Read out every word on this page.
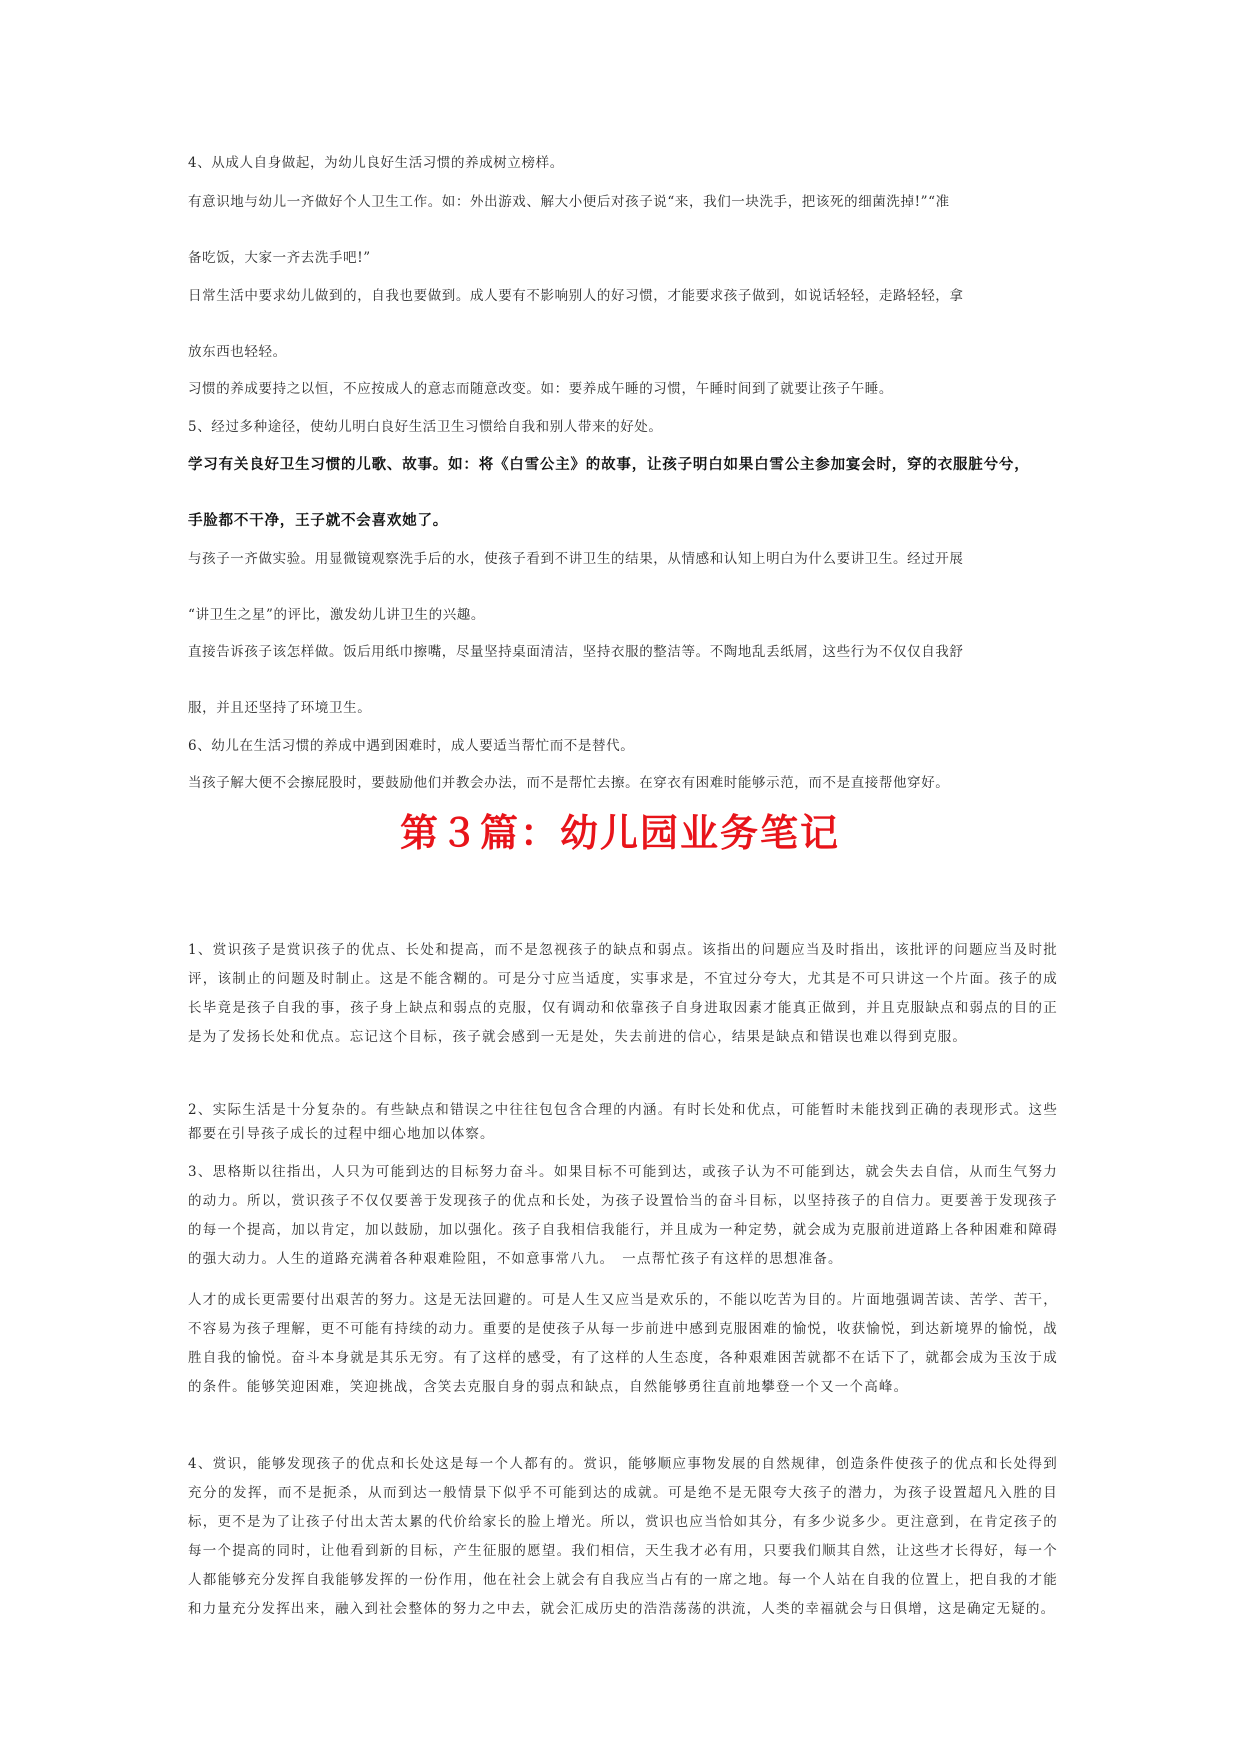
4、从成人自身做起，为幼儿良好生活习惯的养成树立榜样。
有意识地与幼儿一齐做好个人卫生工作。如：外出游戏、解大小便后对孩子说“来，我们一块洗手，把该死的细菌洗掉!”“准
备吃饭，大家一齐去洗手吧!”
日常生活中要求幼儿做到的，自我也要做到。成人要有不影响别人的好习惯，才能要求孩子做到，如说话轻轻，走路轻轻，拿
放东西也轻轻。
习惯的养成要持之以恒，不应按成人的意志而随意改变。如：要养成午睡的习惯，午睡时间到了就要让孩子午睡。
5、经过多种途径，使幼儿明白良好生活卫生习惯给自我和别人带来的好处。
学习有关良好卫生习惯的儿歌、故事。如：将《白雪公主》的故事，让孩子明白如果白雪公主参加宴会时，穿的衣服脏兮兮，
手脸都不干净，王子就不会喜欢她了。
与孩子一齐做实验。用显微镜观察洗手后的水，使孩子看到不讲卫生的结果，从情感和认知上明白为什么要讲卫生。经过开展
“讲卫生之星”的评比，激发幼儿讲卫生的兴趣。
直接告诉孩子该怎样做。饭后用纸巾擦嘴，尽量坚持桌面清洁，坚持衣服的整洁等。不陶地乱丢纸屑，这些行为不仅仅自我舒
服，并且还坚持了环境卫生。
6、幼儿在生活习惯的养成中遇到困难时，成人要适当帮忙而不是替代。
当孩子解大便不会擦屁股时，要鼓励他们并教会办法，而不是帮忙去擦。在穿衣有困难时能够示范，而不是直接帮他穿好。
第３篇：幼儿园业务笔记

1、赏识孩子是赏识孩子的优点、长处和提高，而不是忽视孩子的缺点和弱点。该指出的问题应当及时指出，该批评的问题应当及时批评，该制止的问题及时制止。这是不能含糊的。可是分寸应当适度，实事求是，不宜过分夸大，尤其是不可只讲这一个片面。孩子的成长毕竟是孩子自我的事，孩子身上缺点和弱点的克服，仅有调动和依靠孩子自身进取因素才能真正做到，并且克服缺点和弱点的目的正是为了发扬长处和优点。忘记这个目标，孩子就会感到一无是处，失去前进的信心，结果是缺点和错误也难以得到克服。

2、实际生活是十分复杂的。有些缺点和错误之中往往包包含合理的内涵。有时长处和优点，可能暂时未能找到正确的表现形式。这些都要在引导孩子成长的过程中细心地加以体察。

3、思格斯以往指出，人只为可能到达的目标努力奋斗。如果目标不可能到达，或孩子认为不可能到达，就会失去自信，从而生气努力的动力。所以，赏识孩子不仅仅要善于发现孩子的优点和长处，为孩子设置恰当的奋斗目标，以坚持孩子的自信力。更要善于发现孩子的每一个提高，加以肯定，加以鼓励，加以强化。孩子自我相信我能行，并且成为一种定势，就会成为克服前进道路上各种困难和障碍的强大动力。人生的道路充满着各种艰难险阻，不如意事常八九。　一点帮忙孩子有这样的思想准备。

人才的成长更需要付出艰苦的努力。这是无法回避的。可是人生又应当是欢乐的，不能以吃苦为目的。片面地强调苦读、苦学、苦干，不容易为孩子理解，更不可能有持续的动力。重要的是使孩子从每一步前进中感到克服困难的愉悦，收获愉悦，到达新境界的愉悦，战胜自我的愉悦。奋斗本身就是其乐无穷。有了这样的感受，有了这样的人生态度，各种艰难困苦就都不在话下了，就都会成为玉汝于成的条件。能够笑迎困难，笑迎挑战，含笑去克服自身的弱点和缺点，自然能够勇往直前地攀登一个又一个高峰。

4、赏识，能够发现孩子的优点和长处这是每一个人都有的。赏识，能够顺应事物发展的自然规律，创造条件使孩子的优点和长处得到充分的发挥，而不是扼杀，从而到达一般情景下似乎不可能到达的成就。可是绝不是无限夸大孩子的潜力，为孩子设置超凡入胜的目标，更不是为了让孩子付出太苦太累的代价给家长的脸上增光。所以，赏识也应当恰如其分，有多少说多少。更注意到，在肯定孩子的每一个提高的同时，让他看到新的目标，产生征服的愿望。我们相信，天生我才必有用，只要我们顺其自然，让这些才长得好，每一个人都能够充分发挥自我能够发挥的一份作用，他在社会上就会有自我应当占有的一席之地。每一个人站在自我的位置上，把自我的才能和力量充分发挥出来，融入到社会整体的努力之中去，就会汇成历史的浩浩荡荡的洪流，人类的幸福就会与日俱增，这是确定无疑的。
